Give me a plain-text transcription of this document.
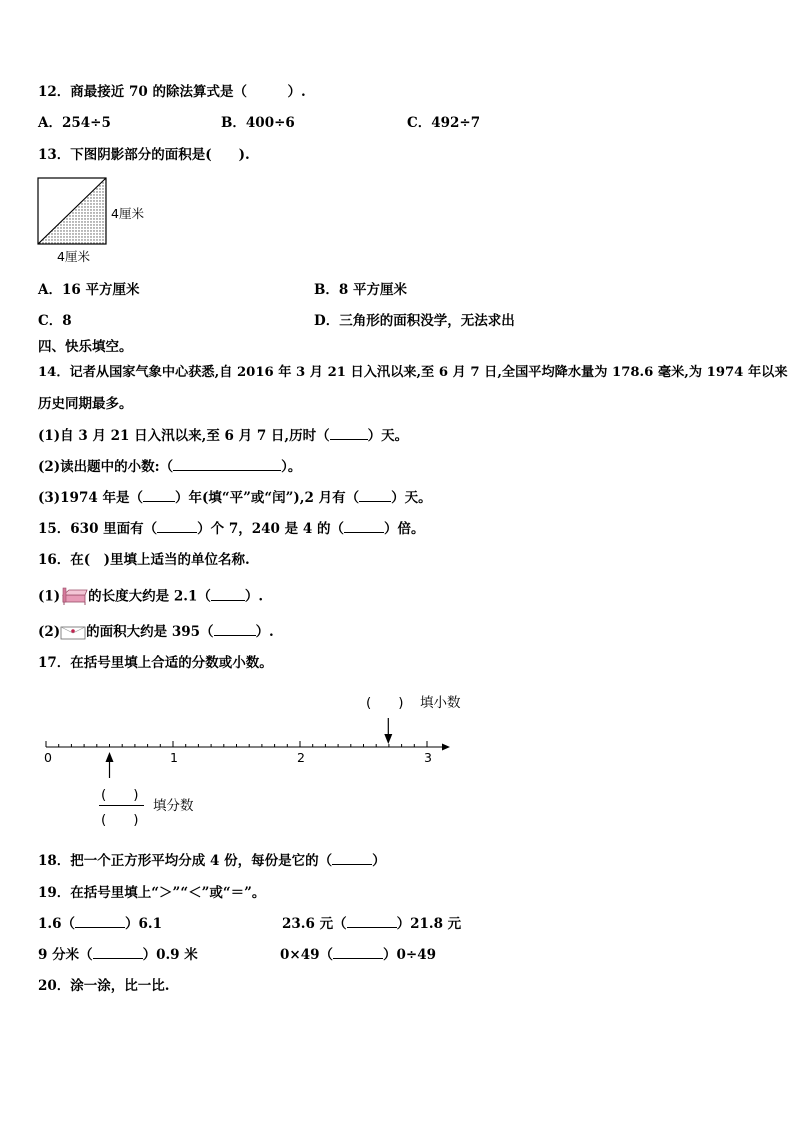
12．商最接近 70 的除法算式是（　　　）.
A．254÷5	B．400÷6	C．492÷7
13．下图阴影部分的面积是(　　).
4厘米
4厘米
A．16 平方厘米	B．8 平方厘米
C．8	D．三角形的面积没学，无法求出
四、快乐填空。
14．记者从国家气象中心获悉,自 2016 年 3 月 21 日入汛以来,至 6 月 7 日,全国平均降水量为 178.6 毫米,为 1974 年以来
历史同期最多。
(1)自 3 月 21 日入汛以来,至 6 月 7 日,历时（	）天。
(2)读出题中的小数:（	）。
(3)1974 年是（ ）年(填“平”或“闰”),2 月有（ ）天。
15．630 里面有（	）个 7，240 是 4 的（	）倍。
16．在(　)里填上适当的单位名称.
(1) 的长度大约是 2.1（	）.
(2) 的面积大约是 395（	）.
17．在括号里填上合适的分数或小数。
(　　) 填小数
0	1	2	3
(　　)
(　　)
填分数
18．把一个正方形平均分成 4 份，每份是它的（	）
19．在括号里填上“＞”“＜”或“＝”。
1.6（	）6.1	23.6 元（	）21.8 元
9 分米（	）0.9 米	0×49（	）0÷49
20．涂一涂，比一比.
